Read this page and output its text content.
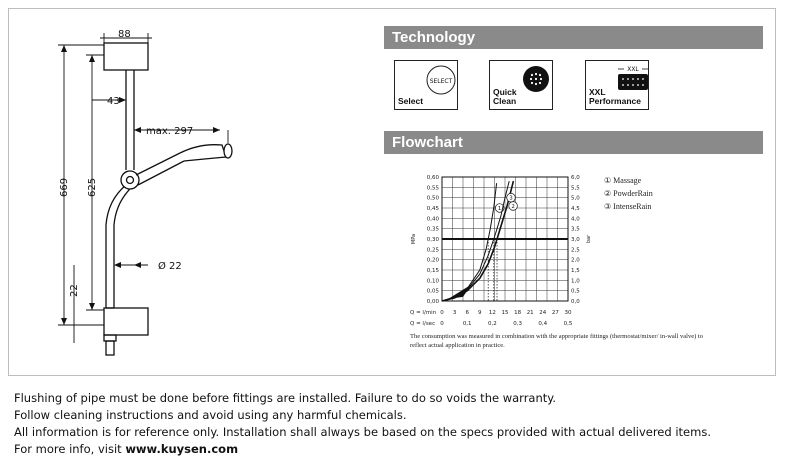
88
43
max. 297
Ø 22
669 625
22
Technology
SELECT
Select
Quick
Clean
XXL
XXL
Performance
Flowchart
0,00
0,05
0,10
0,15
0,20
0,25
0,30
0,35
0,40
0,45
0,50
0,55
0,60
0,0
0,5
1,0
1,5
2,0
2,5
3,0
3,5
4,0
4,5
5,0
5,5
6,0
MPa	bar
Q = l/min 0 3 6 9 12 15 18 21 24 27 30
Q = l/sec 0	0,1	0,2	0,3	0,4	0,5
1 2
3
① Massage
② PowderRain
③ IntenseRain
The consumption was measured in combination with the appropriate fittings (thermostat/mixer/ in-wall valve) to reflect actual application in practice.

Flushing of pipe must be done before fittings are installed. Failure to do so voids the warranty.

Follow cleaning instructions and avoid using any harmful chemicals.

All information is for reference only. Installation shall always be based on the specs provided with actual delivered items.

For more info, visit www.kuysen.com
